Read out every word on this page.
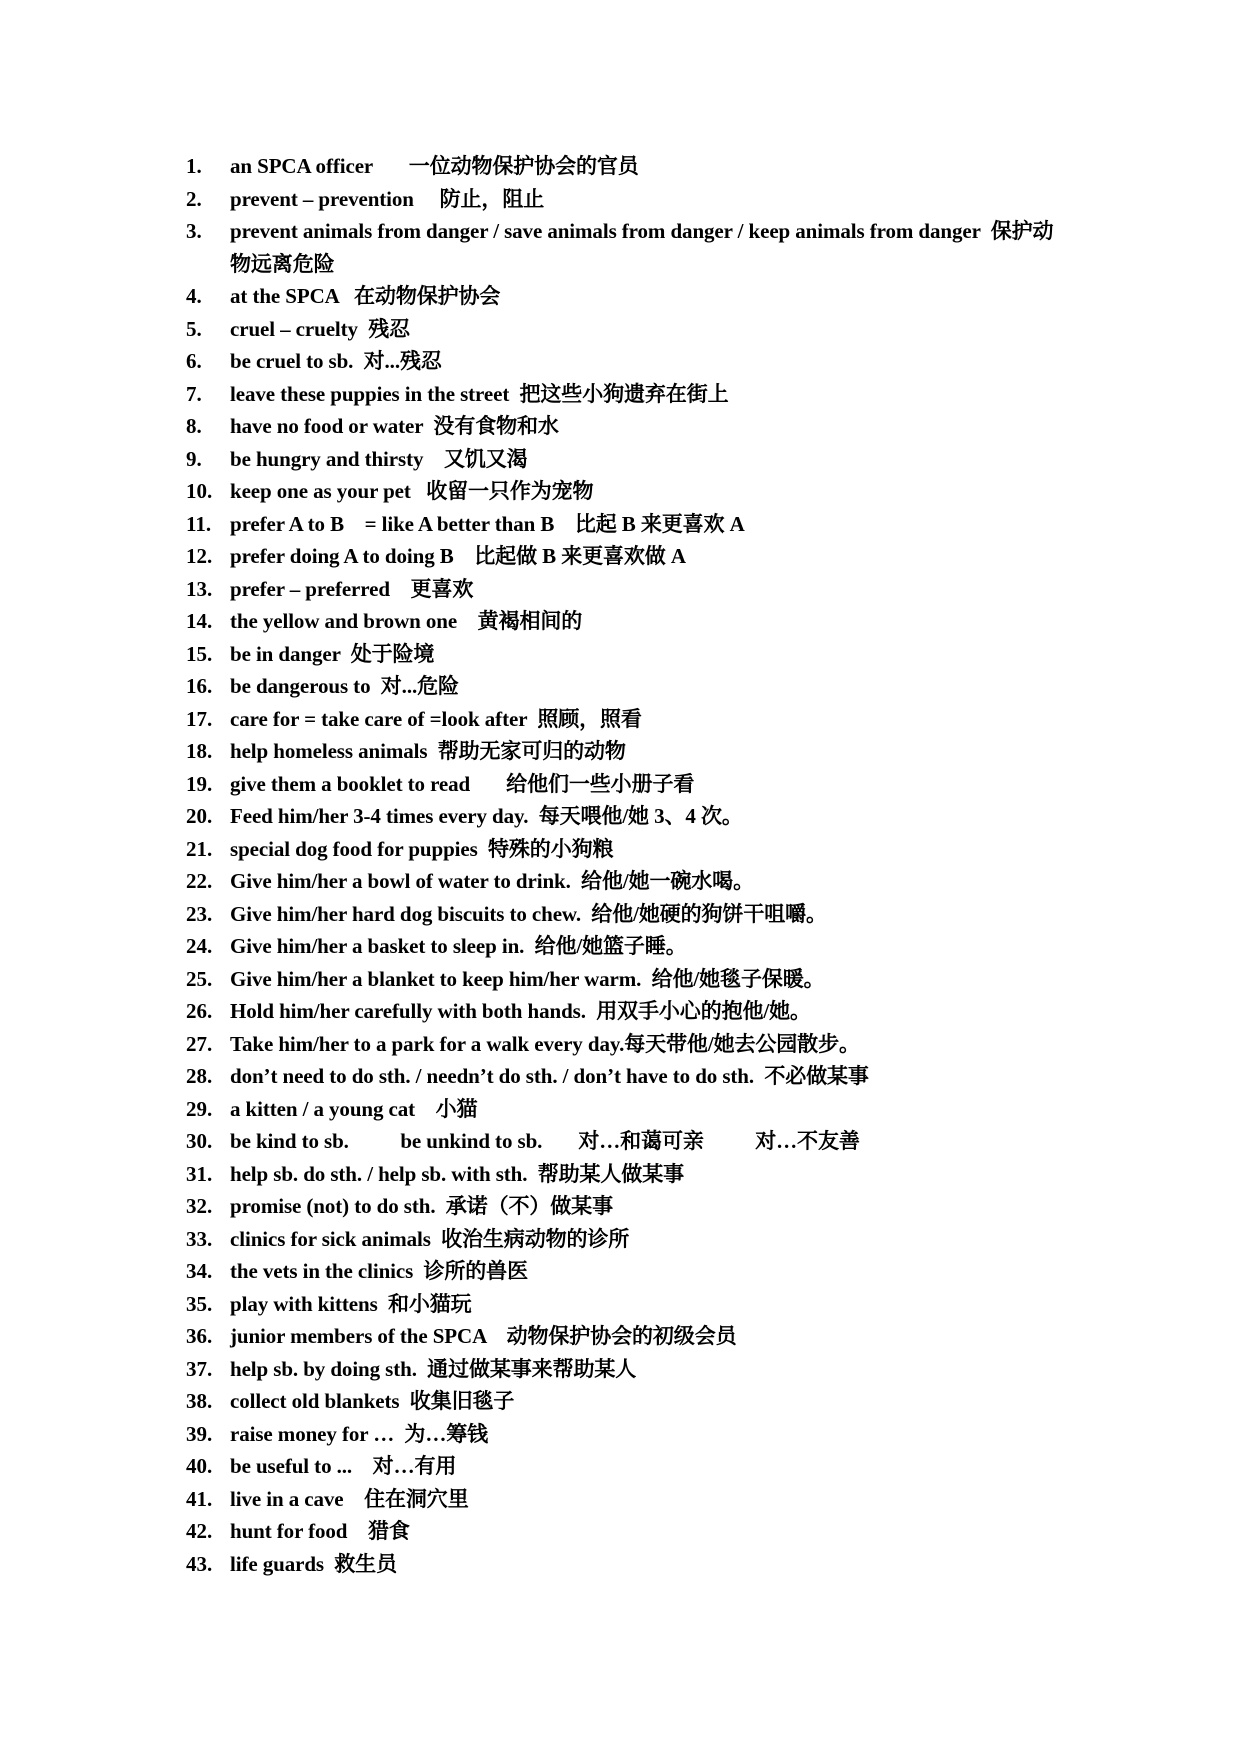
1.	an SPCA officer       一位动物保护协会的官员
2.	prevent – prevention     防止，阻止
3.	prevent animals from danger / save animals from danger / keep animals from danger  保护动物远离危险
4.	at the SPCA   在动物保护协会
5.	cruel – cruelty  残忍
6.	be cruel to sb.  对...残忍
7.	leave these puppies in the street  把这些小狗遗弃在街上
8.	have no food or water  没有食物和水
9.	be hungry and thirsty    又饥又渴
10. keep one as your pet   收留一只作为宠物
11. prefer A to B    = like A better than B    比起 B 来更喜欢 A
12. prefer doing A to doing B    比起做 B 来更喜欢做 A
13. prefer – preferred    更喜欢
14. the yellow and brown one    黄褐相间的
15. be in danger  处于险境
16. be dangerous to  对...危险
17. care for = take care of =look after  照顾，照看
18. help homeless animals  帮助无家可归的动物
19. give them a booklet to read       给他们一些小册子看
20. Feed him/her 3-4 times every day.  每天喂他/她 3、4 次。
21. special dog food for puppies  特殊的小狗粮
22. Give him/her a bowl of water to drink.  给他/她一碗水喝。
23. Give him/her hard dog biscuits to chew.  给他/她硬的狗饼干咀嚼。
24. Give him/her a basket to sleep in.  给他/她篮子睡。
25. Give him/her a blanket to keep him/her warm.  给他/她毯子保暖。
26. Hold him/her carefully with both hands.  用双手小心的抱他/她。
27. Take him/her to a park for a walk every day.每天带他/她去公园散步。
28. don’t need to do sth. / needn’t do sth. / don’t have to do sth.  不必做某事
29. a kitten / a young cat    小猫
30. be kind to sb.          be unkind to sb.       对…和蔼可亲          对…不友善
31. help sb. do sth. / help sb. with sth.  帮助某人做某事
32. promise (not) to do sth.  承诺（不）做某事
33. clinics for sick animals  收治生病动物的诊所
34. the vets in the clinics  诊所的兽医
35. play with kittens  和小猫玩
36. junior members of the SPCA    动物保护协会的初级会员
37. help sb. by doing sth.  通过做某事来帮助某人
38. collect old blankets  收集旧毯子
39. raise money for …  为…筹钱
40. be useful to ...    对…有用
41. live in a cave    住在洞穴里
42. hunt for food    猎食
43. life guards  救生员
